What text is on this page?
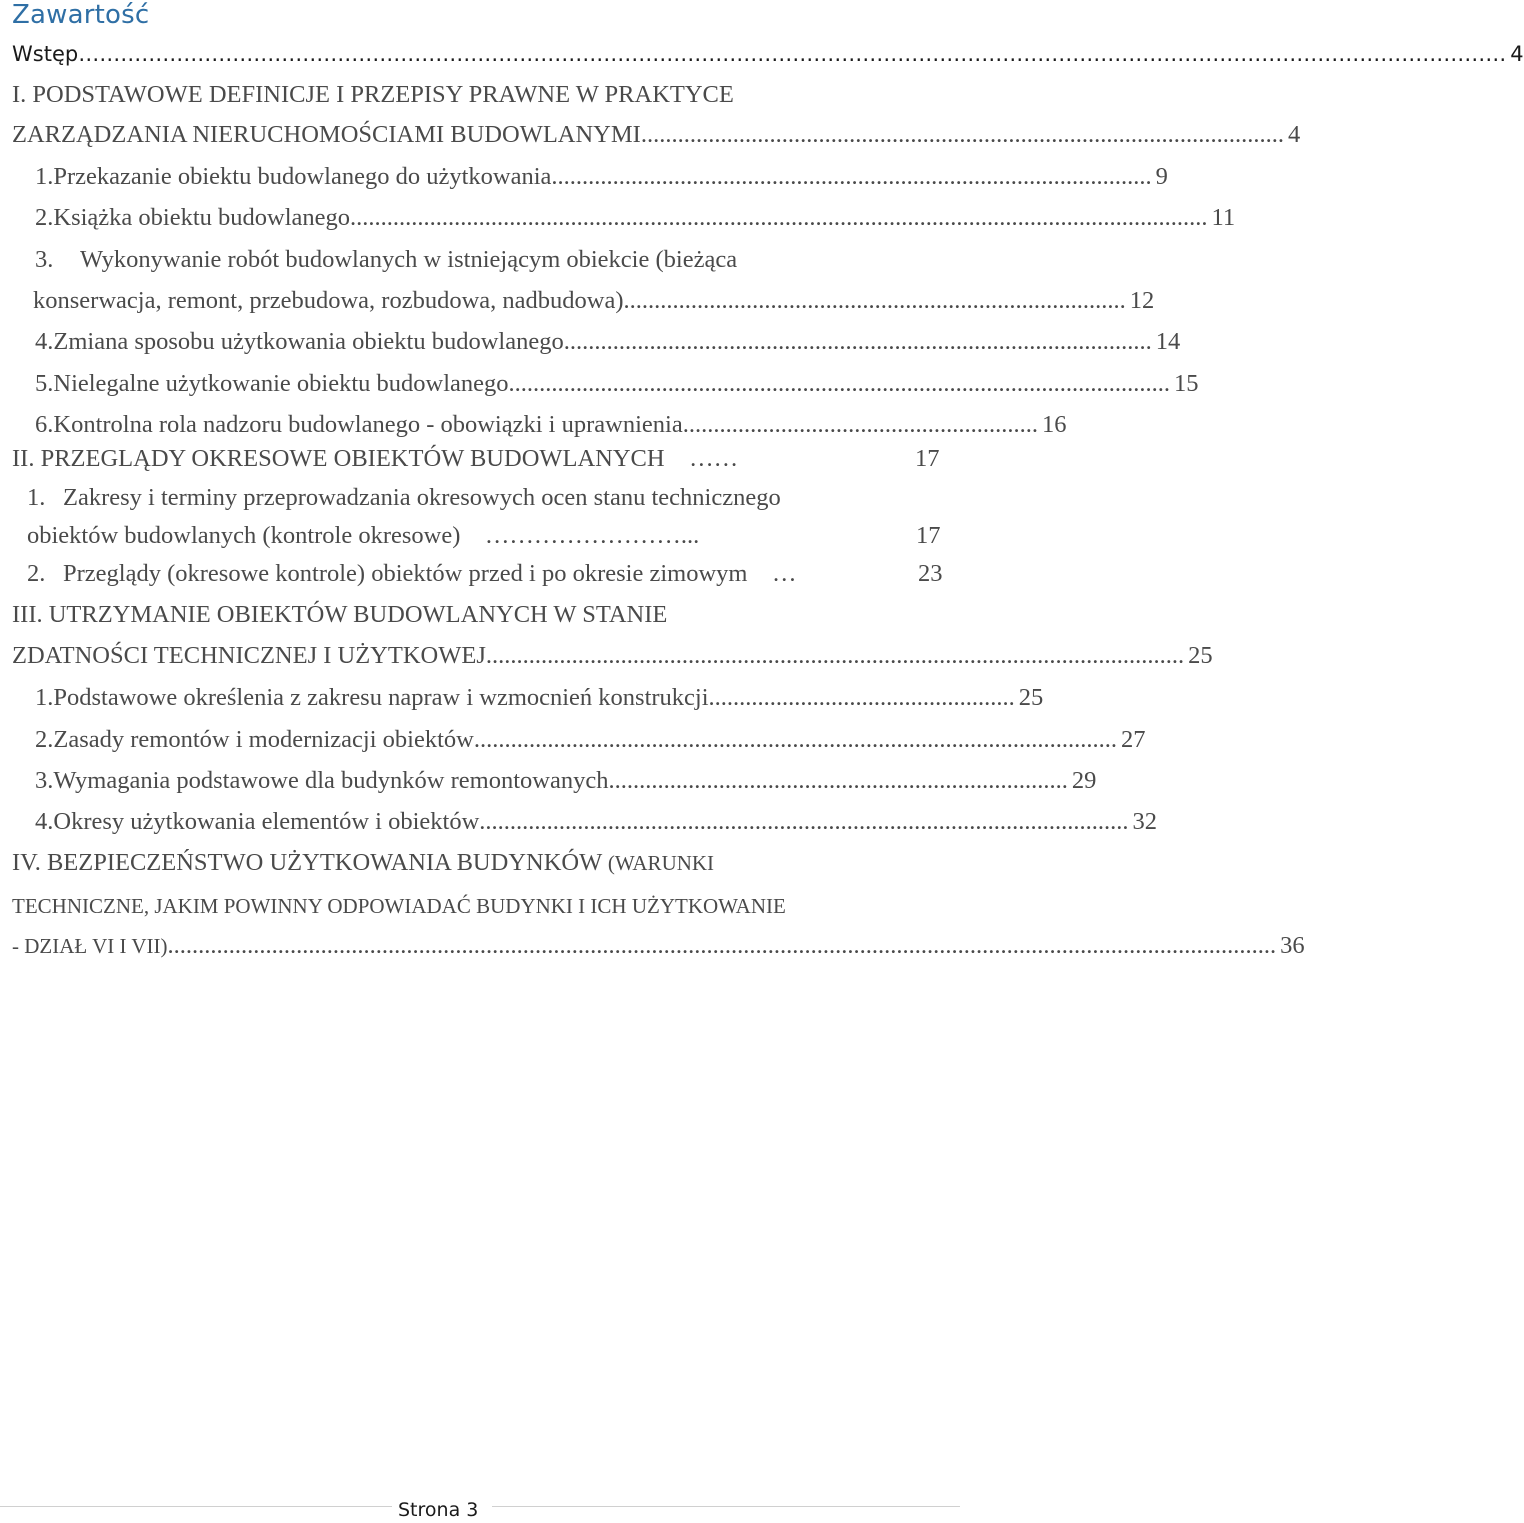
Zawartość
Wstęp …………………………………………………………………………………………………………………………………………………………………………………… 4
I. PODSTAWOWE DEFINICJE I PRZEPISY PRAWNE W PRAKTYCE
ZARZĄDZANIA NIERUCHOMOŚCIAMI BUDOWLANYMI ......................................................................................................... 4
1. Przekazanie obiektu budowlanego do użytkowania .................................................................................................. 9
2. Książka obiektu budowlanego ............................................................................................................................................ 11
3. Wykonywanie robót budowlanych w istniejącym obiekcie (bieżąca
konserwacja, remont, przebudowa, rozbudowa, nadbudowa) .................................................................................. 12
4. Zmiana sposobu użytkowania obiektu budowlanego ................................................................................................ 14
5. Nielegalne użytkowanie obiektu budowlanego ............................................................................................................ 15
6. Kontrolna rola nadzoru budowlanego - obowiązki i uprawnienia .......................................................... 16
II. PRZEGLĄDY OKRESOWE OBIEKTÓW BUDOWLANYCH ……	17
1. Zakresy i terminy przeprowadzania okresowych ocen stanu technicznego
obiektów budowlanych (kontrole okresowe) ……………………...	17
2. Przeglądy (okresowe kontrole) obiektów przed i po okresie zimowym …	23
III. UTRZYMANIE OBIEKTÓW BUDOWLANYCH W STANIE
ZDATNOŚCI TECHNICZNEJ I UŻYTKOWEJ .................................................................................................................. 25
1. Podstawowe określenia z zakresu napraw i wzmocnień konstrukcji .................................................. 25
2. Zasady remontów i modernizacji obiektów ......................................................................................................... 27
3. Wymagania podstawowe dla budynków remontowanych ........................................................................... 29
4. Okresy użytkowania elementów i obiektów .......................................................................................................... 32
IV. BEZPIECZEŃSTWO UŻYTKOWANIA BUDYNKÓW (WARUNKI
TECHNICZNE, JAKIM POWINNY ODPOWIADAĆ BUDYNKI I ICH UŻYTKOWANIE
- DZIAŁ VI I VII) ..................................................................................................................................................................................... 36
Strona 3
